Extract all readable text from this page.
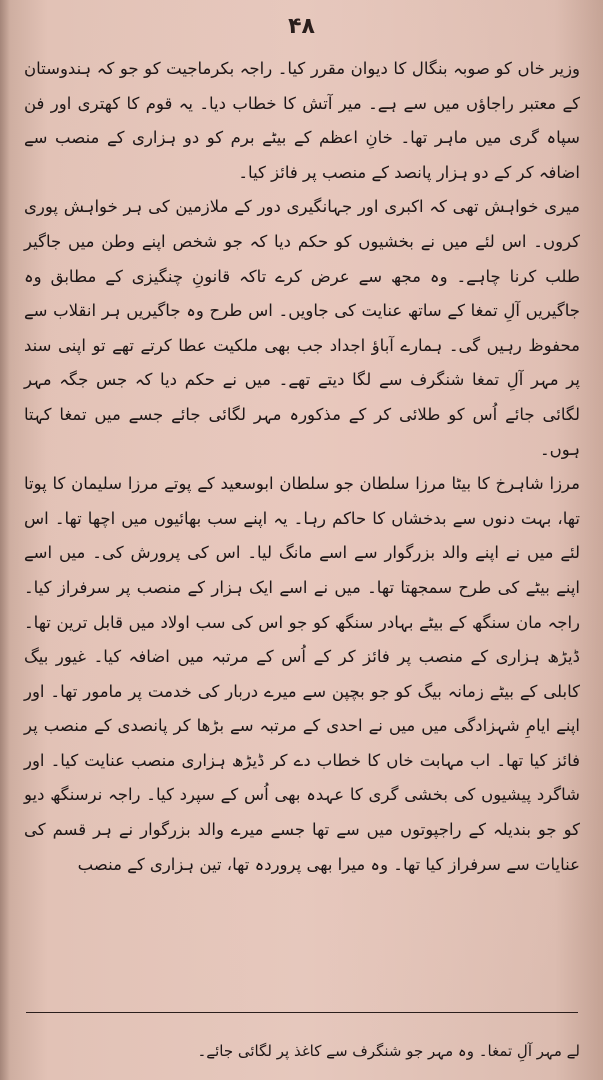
۴۸

وزیر خاں کو صوبہ بنگال کا دیوان مقرر کیا۔ راجہ بکرماجیت کو جو کہ ہندوستان کے معتبر راجاؤں میں سے ہے۔ میر آتش کا خطاب دیا۔ یہ قوم کا کھتری اور فن سپاہ گری میں ماہر تھا۔ خانِ اعظم کے بیٹے برم کو دو ہزاری کے منصب سے اضافہ کر کے دو ہزار پانصد کے منصب پر فائز کیا۔

میری خواہش تھی کہ اکبری اور جہانگیری دور کے ملازمین کی ہر خواہش پوری کروں۔ اس لئے میں نے بخشیوں کو حکم دیا کہ جو شخص اپنے وطن میں جاگیر طلب کرنا چاہے۔ وہ مجھ سے عرض کرے تاکہ قانونِ چنگیزی کے مطابق وہ جاگیریں آلِ تمغا کے ساتھ عنایت کی جاویں۔ اس طرح وہ جاگیریں ہر انقلاب سے محفوظ رہیں گی۔ ہمارے آباؤ اجداد جب بھی ملکیت عطا کرتے تھے تو اپنی سند پر مہر آلِ تمغا شنگرف سے لگا دیتے تھے۔ میں نے حکم دیا کہ جس جگہ مہر لگائی جائے اُس کو طلائی کر کے مذکورہ مہر لگائی جائے جسے میں تمغا کہتا ہوں۔

مرزا شاہرخ کا بیٹا مرزا سلطان جو سلطان ابوسعید کے پوتے مرزا سلیمان کا پوتا تھا، بہت دنوں سے بدخشاں کا حاکم رہا۔ یہ اپنے سب بھائیوں میں اچھا تھا۔ اس لئے میں نے اپنے والد بزرگوار سے اسے مانگ لیا۔ اس کی پرورش کی۔ میں اسے اپنے بیٹے کی طرح سمجھتا تھا۔ میں نے اسے ایک ہزار کے منصب پر سرفراز کیا۔ راجہ مان سنگھ کے بیٹے بہادر سنگھ کو جو اس کی سب اولاد میں قابل ترین تھا۔ ڈیڑھ ہزاری کے منصب پر فائز کر کے اُس کے مرتبہ میں اضافہ کیا۔ غیور بیگ کابلی کے بیٹے زمانہ بیگ کو جو بچپن سے میرے دربار کی خدمت پر مامور تھا۔ اور اپنے ایامِ شہزادگی میں میں نے احدی کے مرتبہ سے بڑھا کر پانصدی کے منصب پر فائز کیا تھا۔ اب مہابت خاں کا خطاب دے کر ڈیڑھ ہزاری منصب عنایت کیا۔ اور شاگرد پیشیوں کی بخشی گری کا عہدہ بھی اُس کے سپرد کیا۔ راجہ نرسنگھ دیو کو جو بندیلہ کے راجپوتوں میں سے تھا جسے میرے والد بزرگوار نے ہر قسم کی عنایات سے سرفراز کیا تھا۔ وہ میرا بھی پروردہ تھا، تین ہزاری کے منصب

لے مہر آلِ تمغا۔ وہ مہر جو شنگرف سے کاغذ پر لگائی جائے۔
